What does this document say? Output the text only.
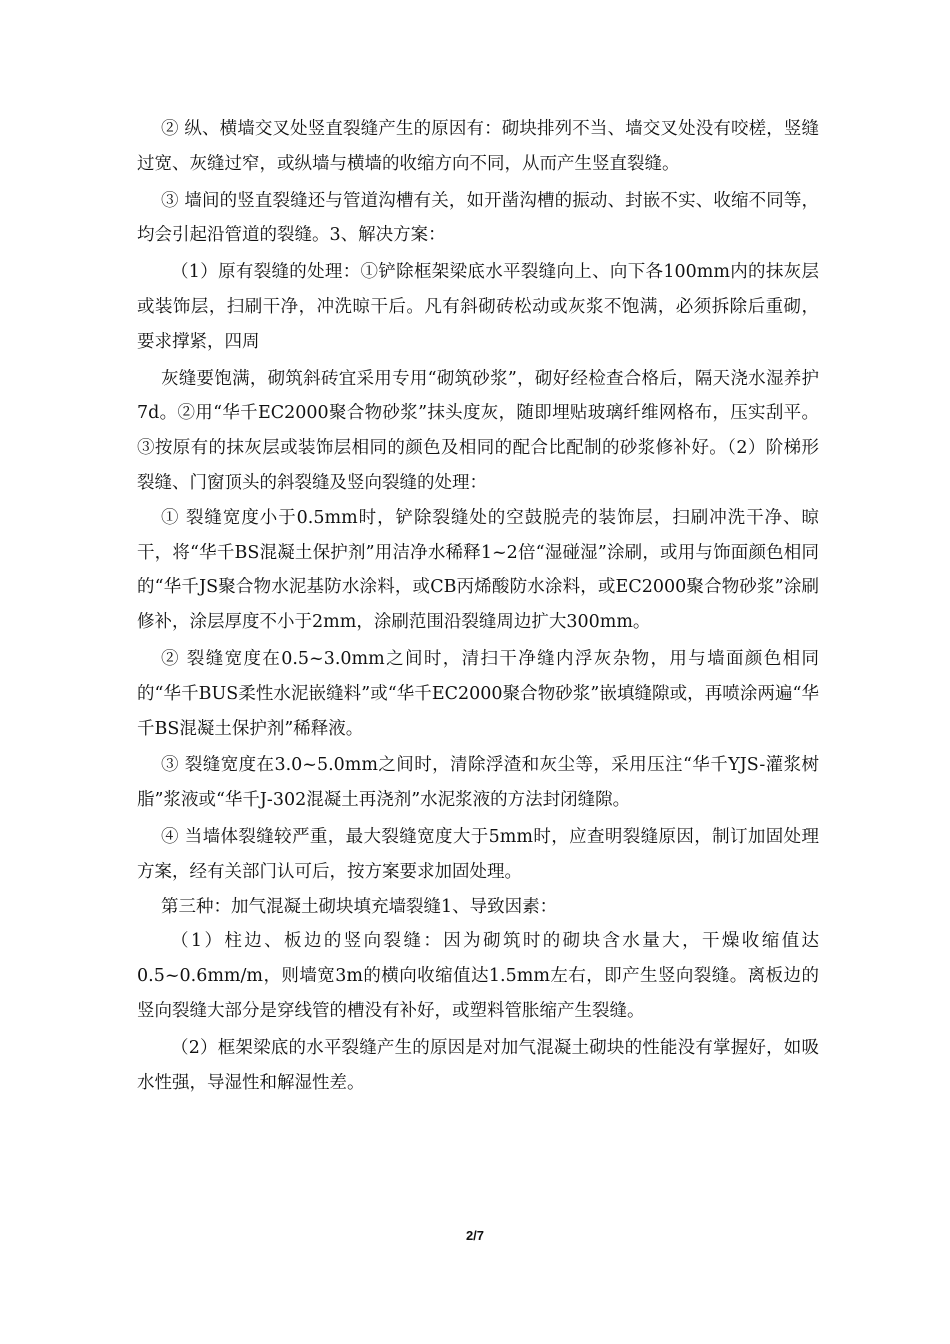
② 纵、横墙交叉处竖直裂缝产生的原因有：砌块排列不当、墙交叉处没有咬槎，竖缝过宽、灰缝过窄，或纵墙与横墙的收缩方向不同，从而产生竖直裂缝。

③ 墙间的竖直裂缝还与管道沟槽有关，如开凿沟槽的振动、封嵌不实、收缩不同等，均会引起沿管道的裂缝。3、解决方案：

（1）原有裂缝的处理：①铲除框架梁底水平裂缝向上、向下各100mm内的抹灰层或装饰层，扫刷干净，冲洗晾干后。凡有斜砌砖松动或灰浆不饱满，必须拆除后重砌，要求撑紧，四周

灰缝要饱满，砌筑斜砖宜采用专用“砌筑砂浆”，砌好经检查合格后，隔天浇水湿养护7d。②用“华千EC2000聚合物砂浆”抹头度灰，随即埋贴玻璃纤维网格布，压实刮平。③按原有的抹灰层或装饰层相同的颜色及相同的配合比配制的砂浆修补好。（2）阶梯形裂缝、门窗顶头的斜裂缝及竖向裂缝的处理：

① 裂缝宽度小于0.5mm时，铲除裂缝处的空鼓脱壳的装饰层，扫刷冲洗干净、晾干，将“华千BS混凝土保护剂”用洁净水稀释1~2倍“湿碰湿”涂刷，或用与饰面颜色相同的“华千JS聚合物水泥基防水涂料，或CB丙烯酸防水涂料，或EC2000聚合物砂浆”涂刷修补，涂层厚度不小于2mm，涂刷范围沿裂缝周边扩大300mm。

② 裂缝宽度在0.5~3.0mm之间时，清扫干净缝内浮灰杂物，用与墙面颜色相同的“华千BUS柔性水泥嵌缝料”或“华千EC2000聚合物砂浆”嵌填缝隙或，再喷涂两遍“华千BS混凝土保护剂”稀释液。

③ 裂缝宽度在3.0~5.0mm之间时，清除浮渣和灰尘等，采用压注“华千YJS-灌浆树脂”浆液或“华千J-302混凝土再浇剂”水泥浆液的方法封闭缝隙。

④ 当墙体裂缝较严重，最大裂缝宽度大于5mm时，应查明裂缝原因，制订加固处理方案，经有关部门认可后，按方案要求加固处理。

第三种：加气混凝土砌块填充墙裂缝1、导致因素：

（1）柱边、板边的竖向裂缝：因为砌筑时的砌块含水量大，干燥收缩值达0.5~0.6mm/m，则墙宽3m的横向收缩值达1.5mm左右，即产生竖向裂缝。离板边的竖向裂缝大部分是穿线管的槽没有补好，或塑料管胀缩产生裂缝。

（2）框架梁底的水平裂缝产生的原因是对加气混凝土砌块的性能没有掌握好，如吸水性强，导湿性和解湿性差。

2/7
